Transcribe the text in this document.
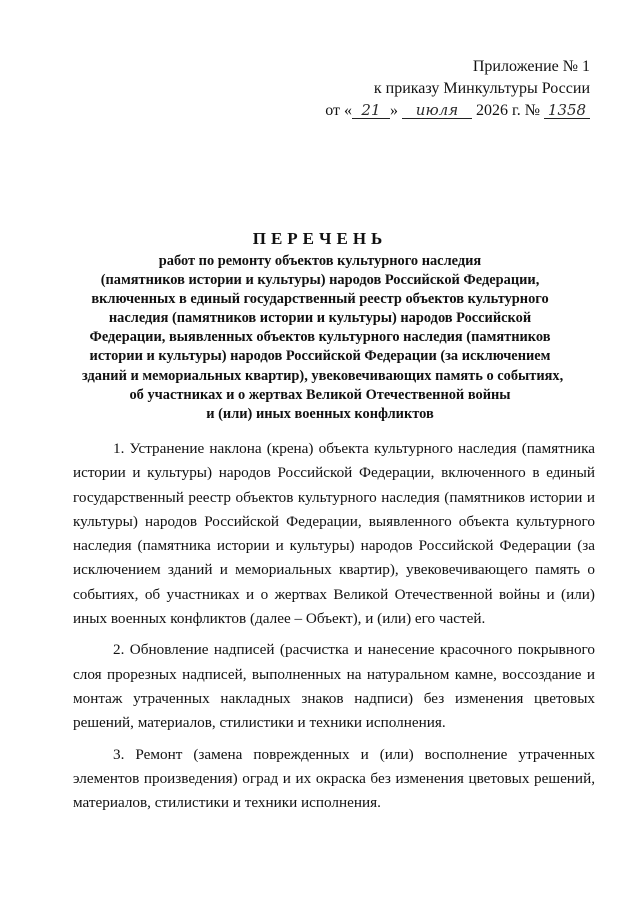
Приложение № 1
к приказу Минкультуры России
от « 21 » июля 2026 г. № 1358
ПЕРЕЧЕНЬ
работ по ремонту объектов культурного наследия
(памятников истории и культуры) народов Российской Федерации,
включенных в единый государственный реестр объектов культурного
наследия (памятников истории и культуры) народов Российской
Федерации, выявленных объектов культурного наследия (памятников
истории и культуры) народов Российской Федерации (за исключением
зданий и мемориальных квартир), увековечивающих память о событиях,
об участниках и о жертвах Великой Отечественной войны
и (или) иных военных конфликтов

1. Устранение наклона (крена) объекта культурного наследия (памятника истории и культуры) народов Российской Федерации, включенного в единый государственный реестр объектов культурного наследия (памятников истории и культуры) народов Российской Федерации, выявленного объекта культурного наследия (памятника истории и культуры) народов Российской Федерации (за исключением зданий и мемориальных квартир), увековечивающего память о событиях, об участниках и о жертвах Великой Отечественной войны и (или) иных военных конфликтов (далее – Объект), и (или) его частей.

2. Обновление надписей (расчистка и нанесение красочного покрывного слоя прорезных надписей, выполненных на натуральном камне, воссоздание и монтаж утраченных накладных знаков надписи) без изменения цветовых решений, материалов, стилистики и техники исполнения.

3. Ремонт (замена поврежденных и (или) восполнение утраченных элементов произведения) оград и их окраска без изменения цветовых решений, материалов, стилистики и техники исполнения.
